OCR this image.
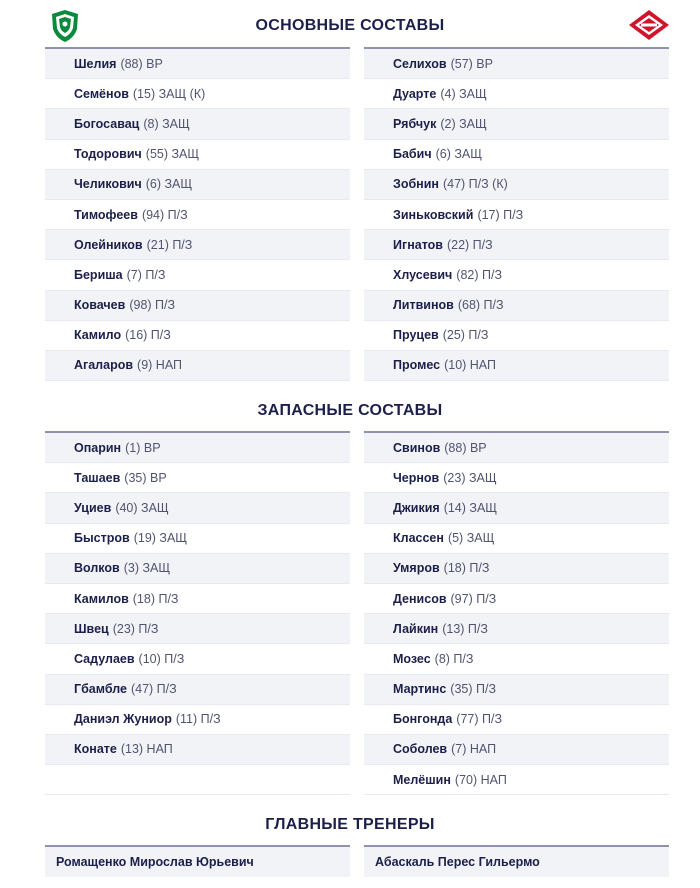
ОСНОВНЫЕ СОСТАВЫ
Шелия (88) ВР
Семёнов (15) ЗАЩ (К)
Богосавац (8) ЗАЩ
Тодорович (55) ЗАЩ
Челикович (6) ЗАЩ
Тимофеев (94) П/З
Олейников (21) П/З
Бериша (7) П/З
Ковачев (98) П/З
Камило (16) П/З
Агаларов (9) НАП
Селихов (57) ВР
Дуарте (4) ЗАЩ
Рябчук (2) ЗАЩ
Бабич (6) ЗАЩ
Зобнин (47) П/З (К)
Зиньковский (17) П/З
Игнатов (22) П/З
Хлусевич (82) П/З
Литвинов (68) П/З
Пруцев (25) П/З
Промес (10) НАП
ЗАПАСНЫЕ СОСТАВЫ
Опарин (1) ВР
Ташаев (35) ВР
Уциев (40) ЗАЩ
Быстров (19) ЗАЩ
Волков (3) ЗАЩ
Камилов (18) П/З
Швец (23) П/З
Садулаев (10) П/З
Гбамбле (47) П/З
Даниэл Жуниор (11) П/З
Конате (13) НАП
Свинов (88) ВР
Чернов (23) ЗАЩ
Джикия (14) ЗАЩ
Классен (5) ЗАЩ
Умяров (18) П/З
Денисов (97) П/З
Лайкин (13) П/З
Мозес (8) П/З
Мартинс (35) П/З
Бонгонда (77) П/З
Соболев (7) НАП
Мелёшин (70) НАП
ГЛАВНЫЕ ТРЕНЕРЫ
Ромащенко Мирослав Юрьевич	Абаскаль Перес Гильермо
